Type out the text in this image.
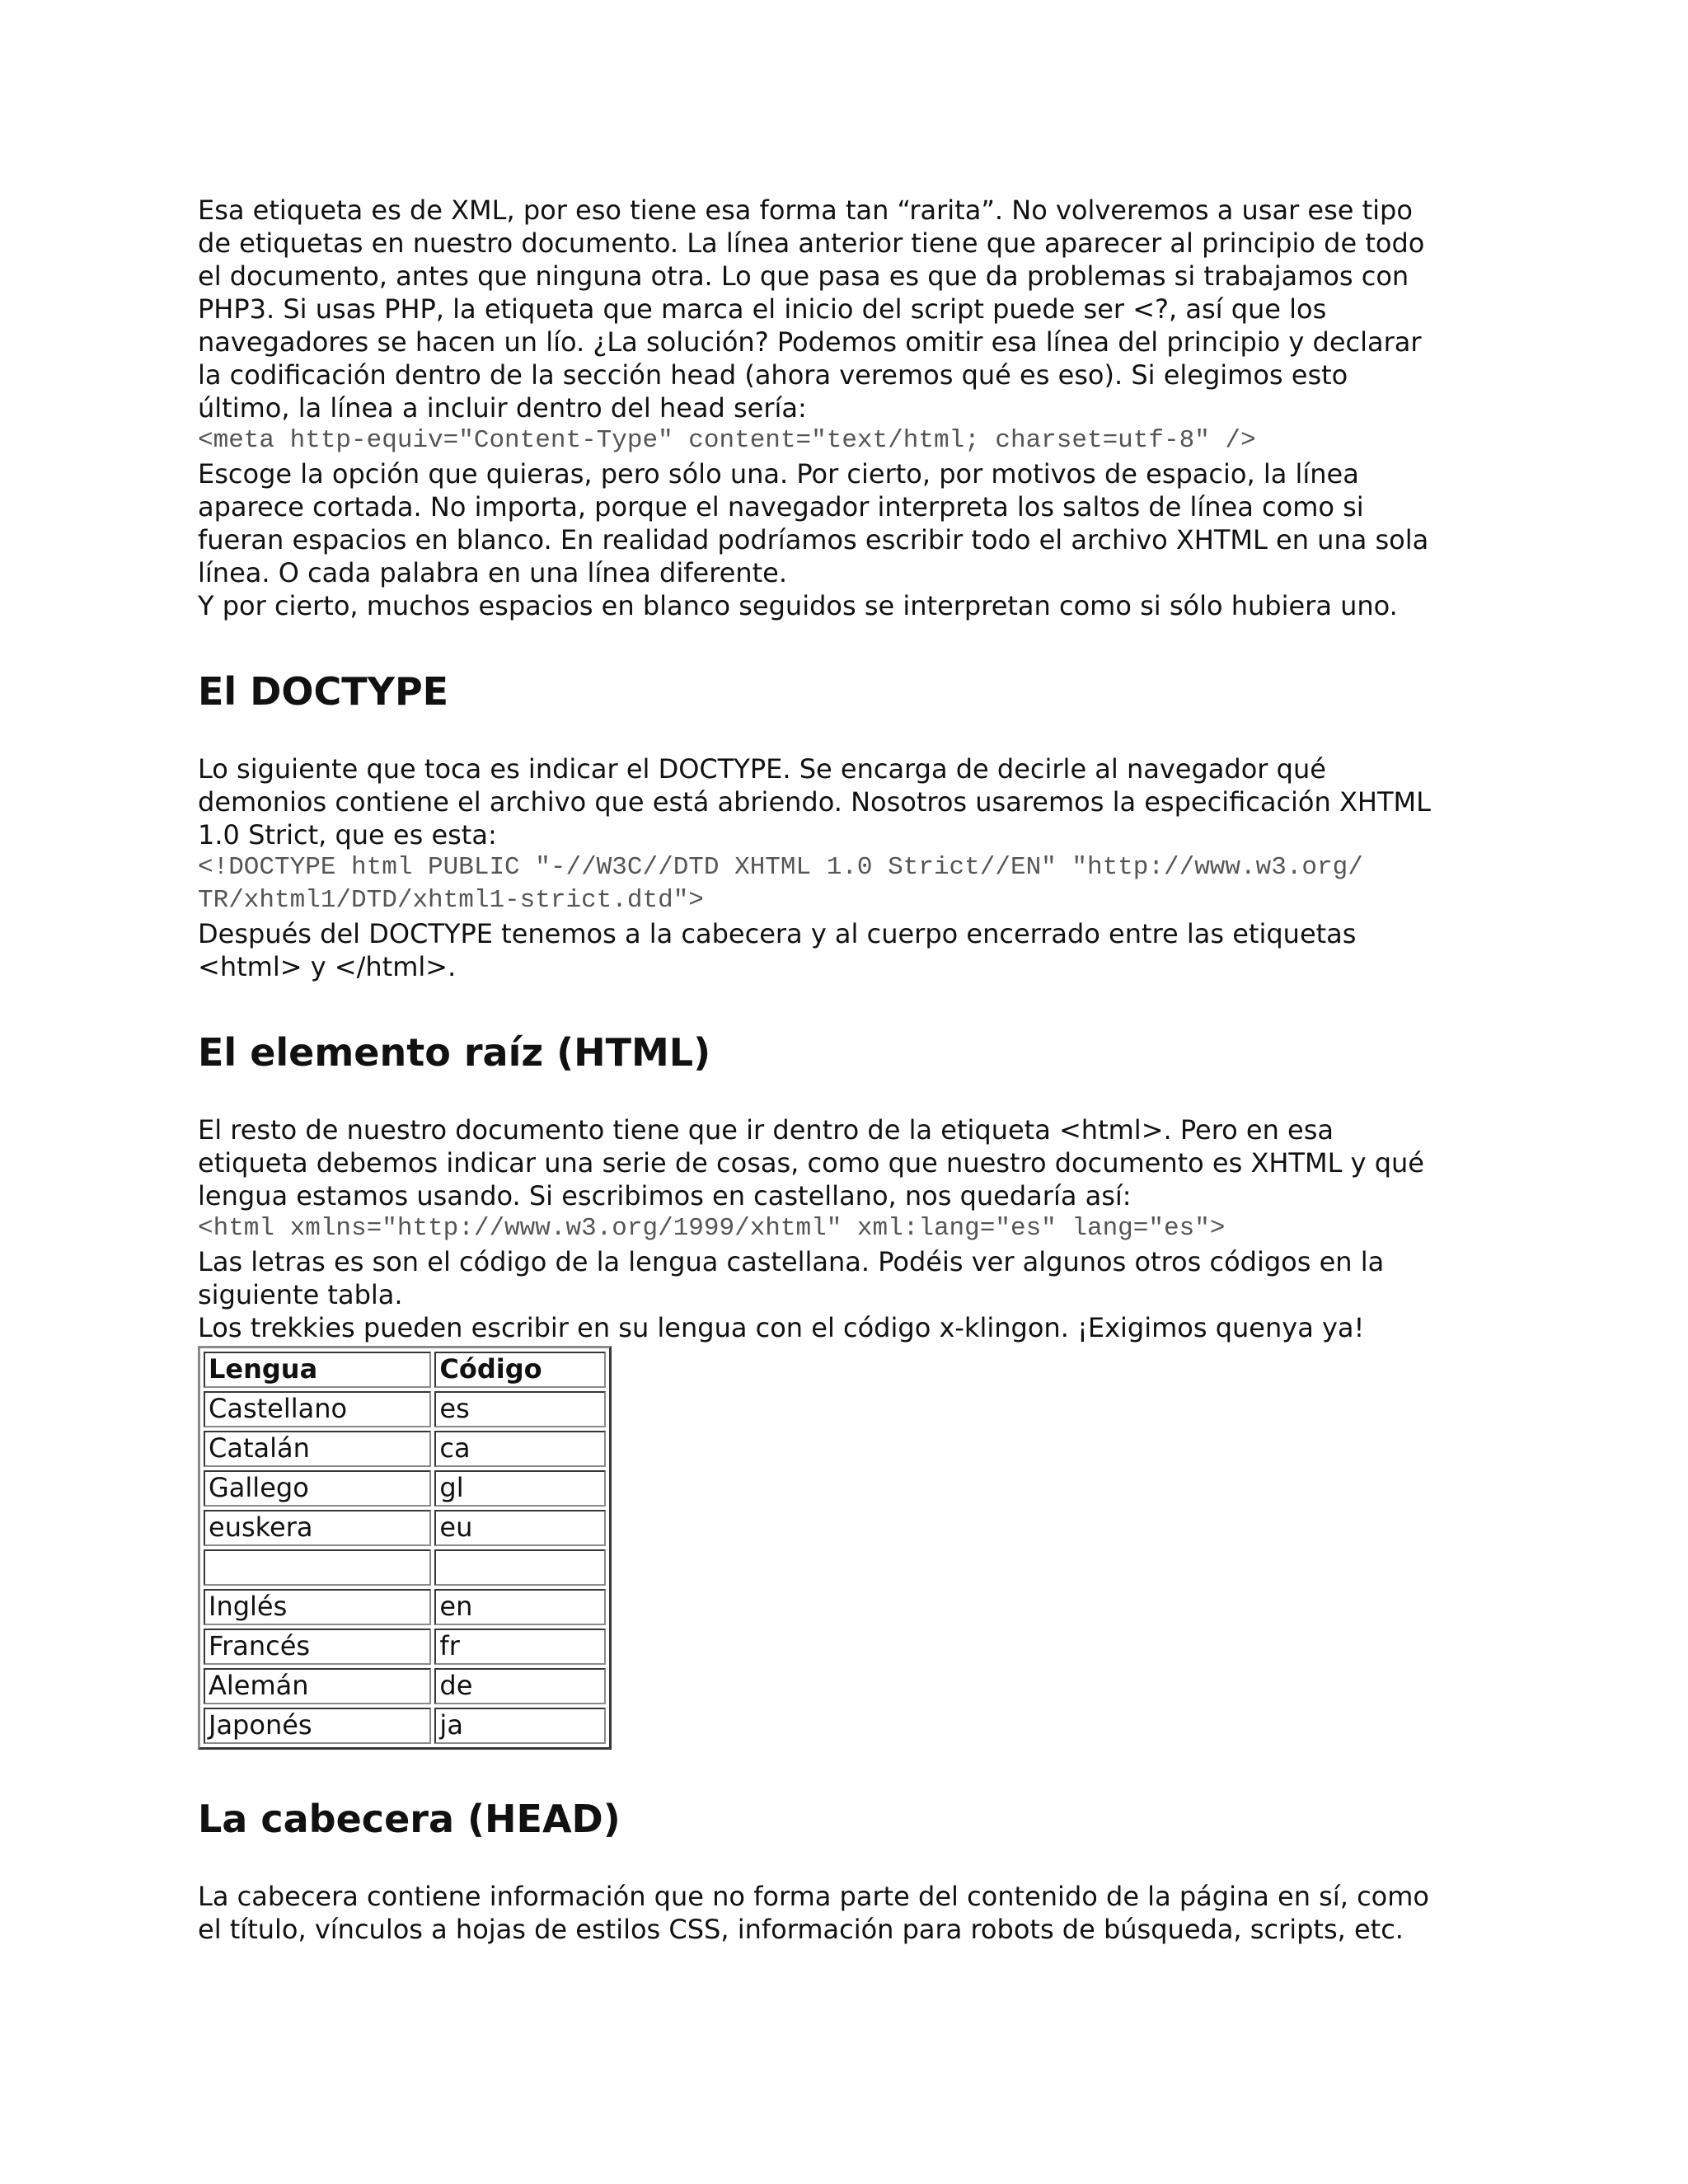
Esa etiqueta es de XML, por eso tiene esa forma tan “rarita”. No volveremos a usar ese tipo

de etiquetas en nuestro documento. La línea anterior tiene que aparecer al principio de todo

el documento, antes que ninguna otra. Lo que pasa es que da problemas si trabajamos con

PHP3. Si usas PHP, la etiqueta que marca el inicio del script puede ser <?, así que los

navegadores se hacen un lío. ¿La solución? Podemos omitir esa línea del principio y declarar

la codificación dentro de la sección head (ahora veremos qué es eso). Si elegimos esto

último, la línea a incluir dentro del head sería:

<meta http-equiv="Content-Type" content="text/html; charset=utf-8" />

Escoge la opción que quieras, pero sólo una. Por cierto, por motivos de espacio, la línea

aparece cortada. No importa, porque el navegador interpreta los saltos de línea como si

fueran espacios en blanco. En realidad podríamos escribir todo el archivo XHTML en una sola

línea. O cada palabra en una línea diferente.

Y por cierto, muchos espacios en blanco seguidos se interpretan como si sólo hubiera uno.

El DOCTYPE

Lo siguiente que toca es indicar el DOCTYPE. Se encarga de decirle al navegador qué

demonios contiene el archivo que está abriendo. Nosotros usaremos la especificación XHTML

1.0 Strict, que es esta:

<!DOCTYPE html PUBLIC "-//W3C//DTD XHTML 1.0 Strict//EN" "http://www.w3.org/

TR/xhtml1/DTD/xhtml1-strict.dtd">

Después del DOCTYPE tenemos a la cabecera y al cuerpo encerrado entre las etiquetas

<html> y </html>.

El elemento raíz (HTML)

El resto de nuestro documento tiene que ir dentro de la etiqueta <html>. Pero en esa

etiqueta debemos indicar una serie de cosas, como que nuestro documento es XHTML y qué

lengua estamos usando. Si escribimos en castellano, nos quedaría así:

<html xmlns="http://www.w3.org/1999/xhtml" xml:lang="es" lang="es">

Las letras es son el código de la lengua castellana. Podéis ver algunos otros códigos en la

siguiente tabla.

Los trekkies pueden escribir en su lengua con el código x-klingon. ¡Exigimos quenya ya!

Lengua	Código
Castellano	es
Catalán	ca
Gallego	gl
euskera	eu

Inglés	en
Francés	fr
Alemán	de
Japonés	ja
La cabecera (HEAD)

La cabecera contiene información que no forma parte del contenido de la página en sí, como

el título, vínculos a hojas de estilos CSS, información para robots de búsqueda, scripts, etc.
